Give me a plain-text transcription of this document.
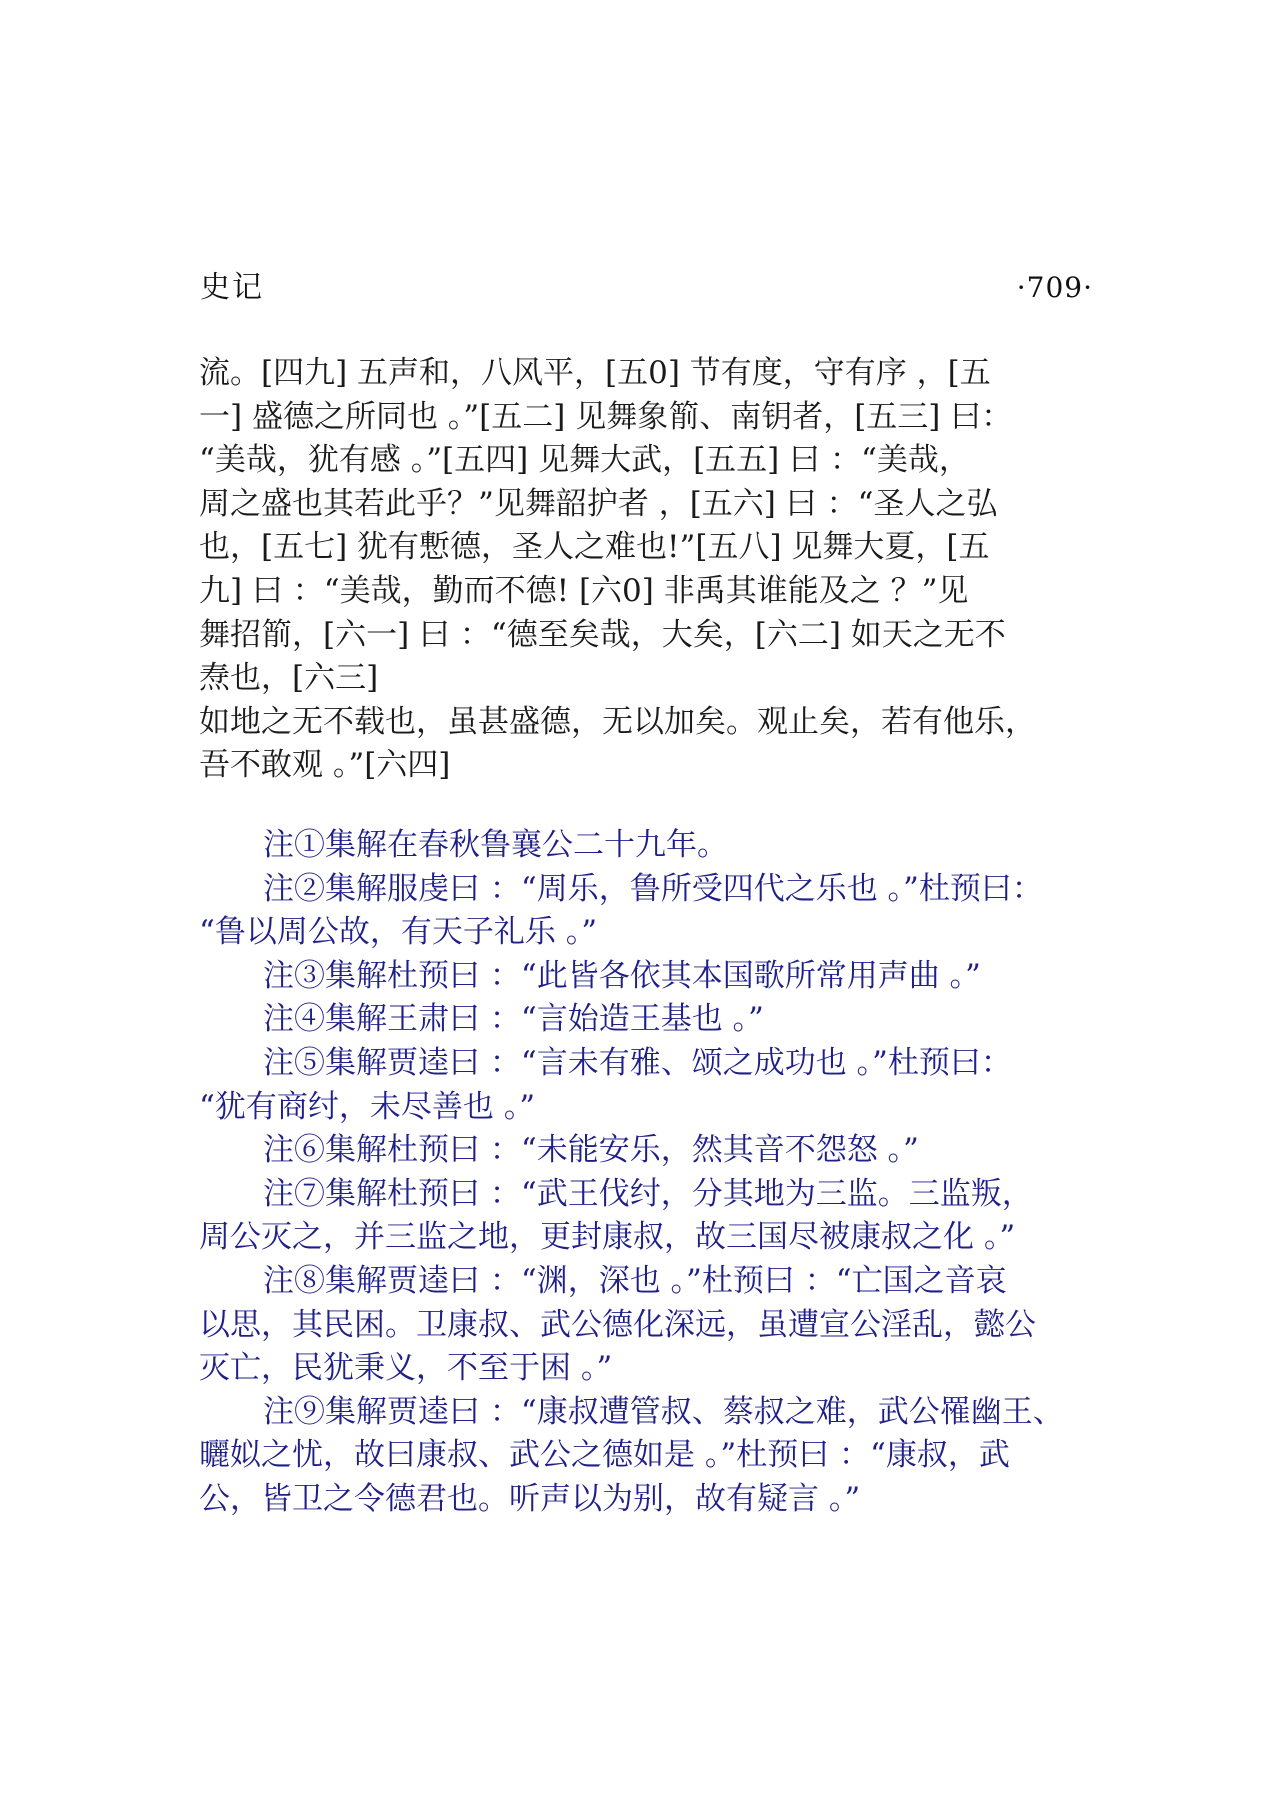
史记	·709·
流。[四九] 五声和，八风平，[五0] 节有度，守有序 ，[五
一] 盛德之所同也 。”[五二] 见舞象箾、南钥者，[五三] 曰：
“美哉，犹有感 。”[五四] 见舞大武，[五五] 曰 ：“美哉，
周之盛也其若此乎？”见舞韶护者 ，[五六] 曰 ：“圣人之弘
也，[五七] 犹有慙德，圣人之难也!”[五八] 见舞大夏，[五
九] 曰 ：“美哉，勤而不德! [六0] 非禹其谁能及之 ？”见
舞招箾，[六一] 曰 ：“德至矣哉，大矣，[六二] 如天之无不
焘也，[六三]
如地之无不载也，虽甚盛德，无以加矣。观止矣，若有他乐，
吾不敢观 。”[六四]
注①集解在春秋鲁襄公二十九年。
注②集解服虔曰 ：“周乐，鲁所受四代之乐也 。”杜预曰：
“鲁以周公故，有天子礼乐 。”
注③集解杜预曰 ：“此皆各依其本国歌所常用声曲 。”
注④集解王肃曰 ：“言始造王基也 。”
注⑤集解贾逵曰 ：“言未有雅、颂之成功也 。”杜预曰：
“犹有商纣，未尽善也 。”
注⑥集解杜预曰 ：“未能安乐，然其音不怨怒 。”
注⑦集解杜预曰 ：“武王伐纣，分其地为三监。三监叛，
周公灭之，并三监之地，更封康叔，故三国尽被康叔之化 。”
注⑧集解贾逵曰 ：“渊，深也 。”杜预曰 ：“亡国之音哀
以思，其民困。卫康叔、武公德化深远，虽遭宣公淫乱，懿公
灭亡，民犹秉义，不至于困 。”
注⑨集解贾逵曰 ：“康叔遭管叔、蔡叔之难，武公罹幽王、
曬姒之忧，故曰康叔、武公之德如是 。”杜预曰 ：“康叔，武
公，皆卫之令德君也。听声以为别，故有疑言 。”
